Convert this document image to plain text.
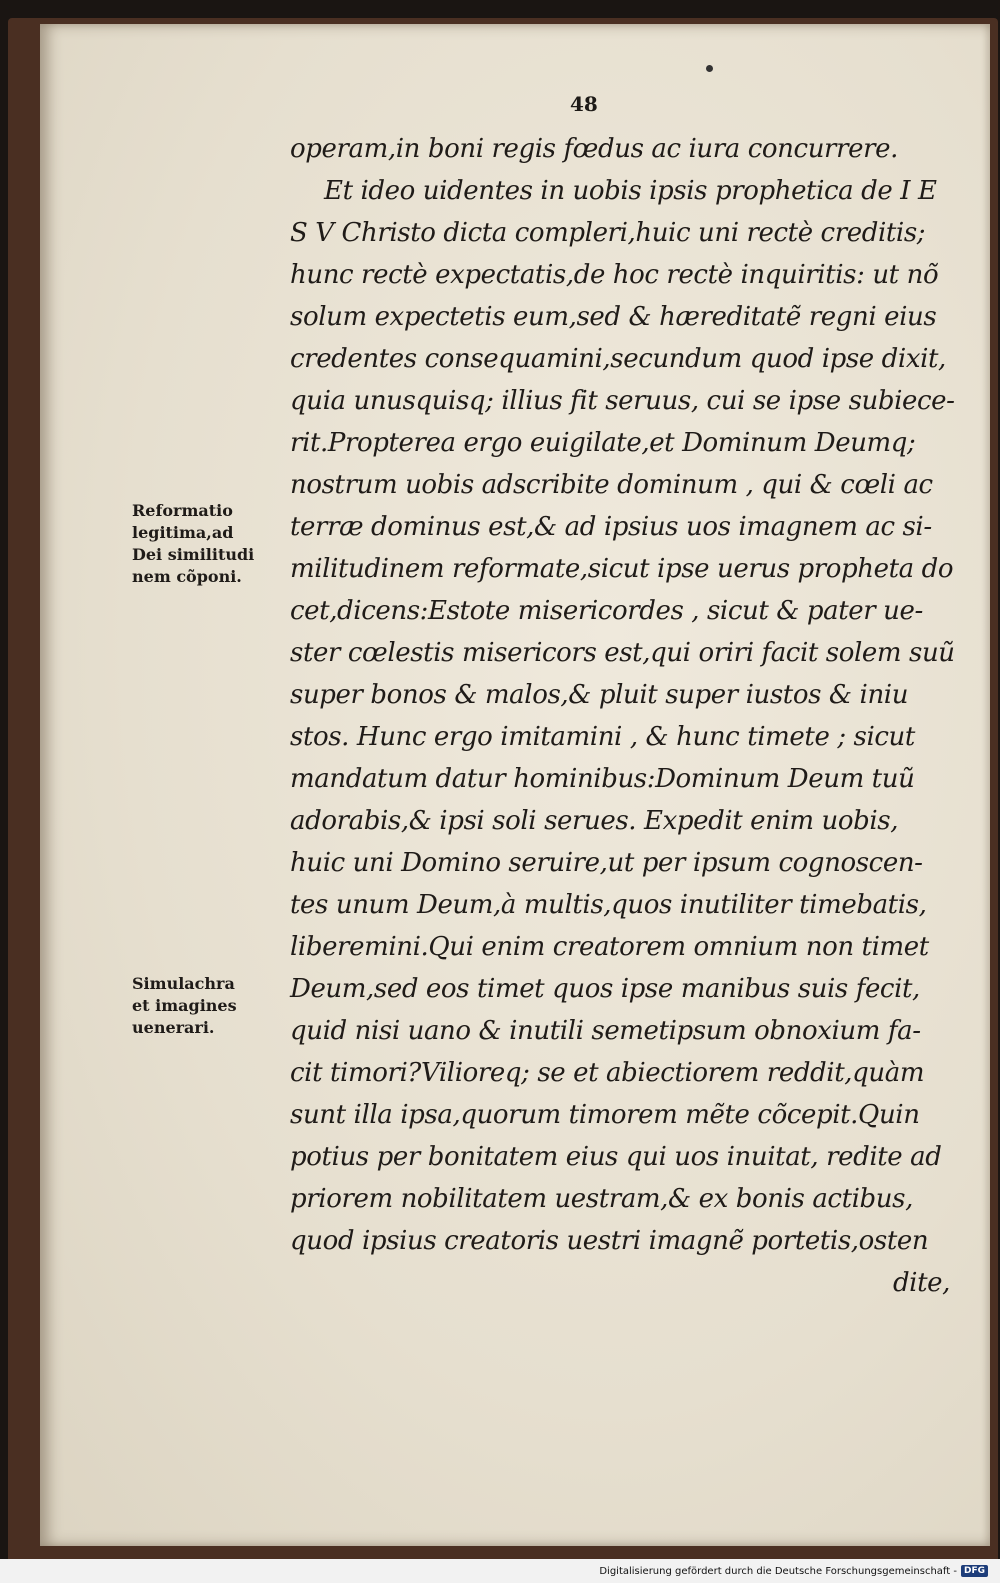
48
operam,in boni regis fœdus ac iura concurrere.
Et ideo uidentes in uobis ipsis prophetica de I E
S V Christo dicta compleri,huic uni rectè creditis;
hunc rectè expectatis,de hoc rectè inquiritis: ut nõ
solum expectetis eum,sed & hæreditatẽ regni eius
credentes consequamini,secundum quod ipse dixit,
quia unusquisq; illius fit seruus, cui se ipse subiece-
rit.Propterea ergo euigilate,et Dominum Deumq;
nostrum uobis adscribite dominum , qui & cœli ac
terræ dominus est,& ad ipsius uos imagnem ac si-
militudinem reformate,sicut ipse uerus propheta do
cet,dicens:Estote misericordes , sicut & pater ue-
ster cœlestis misericors est,qui oriri facit solem suũ
super bonos & malos,& pluit super iustos & iniu
stos. Hunc ergo imitamini , & hunc timete ; sicut
mandatum datur hominibus:Dominum Deum tuũ
adorabis,& ipsi soli serues. Expedit enim uobis,
huic uni Domino seruire,ut per ipsum cognoscen-
tes unum Deum,à multis,quos inutiliter timebatis,
liberemini.Qui enim creatorem omnium non timet
Deum,sed eos timet quos ipse manibus suis fecit,
quid nisi uano & inutili semetipsum obnoxium fa-
cit timori?Vilioreq; se et abiectiorem reddit,quàm
sunt illa ipsa,quorum timorem mẽte cõcepit.Quin
potius per bonitatem eius qui uos inuitat, redite ad
priorem nobilitatem uestram,& ex bonis actibus,
quod ipsius creatoris uestri imagnẽ portetis,osten
dite,
Reformatio
legitima,ad
Dei similitudi
nem cõponi.
Simulachra
et imagines
uenerari.
Digitalisierung gefördert durch die Deutsche Forschungsgemeinschaft - DFG
